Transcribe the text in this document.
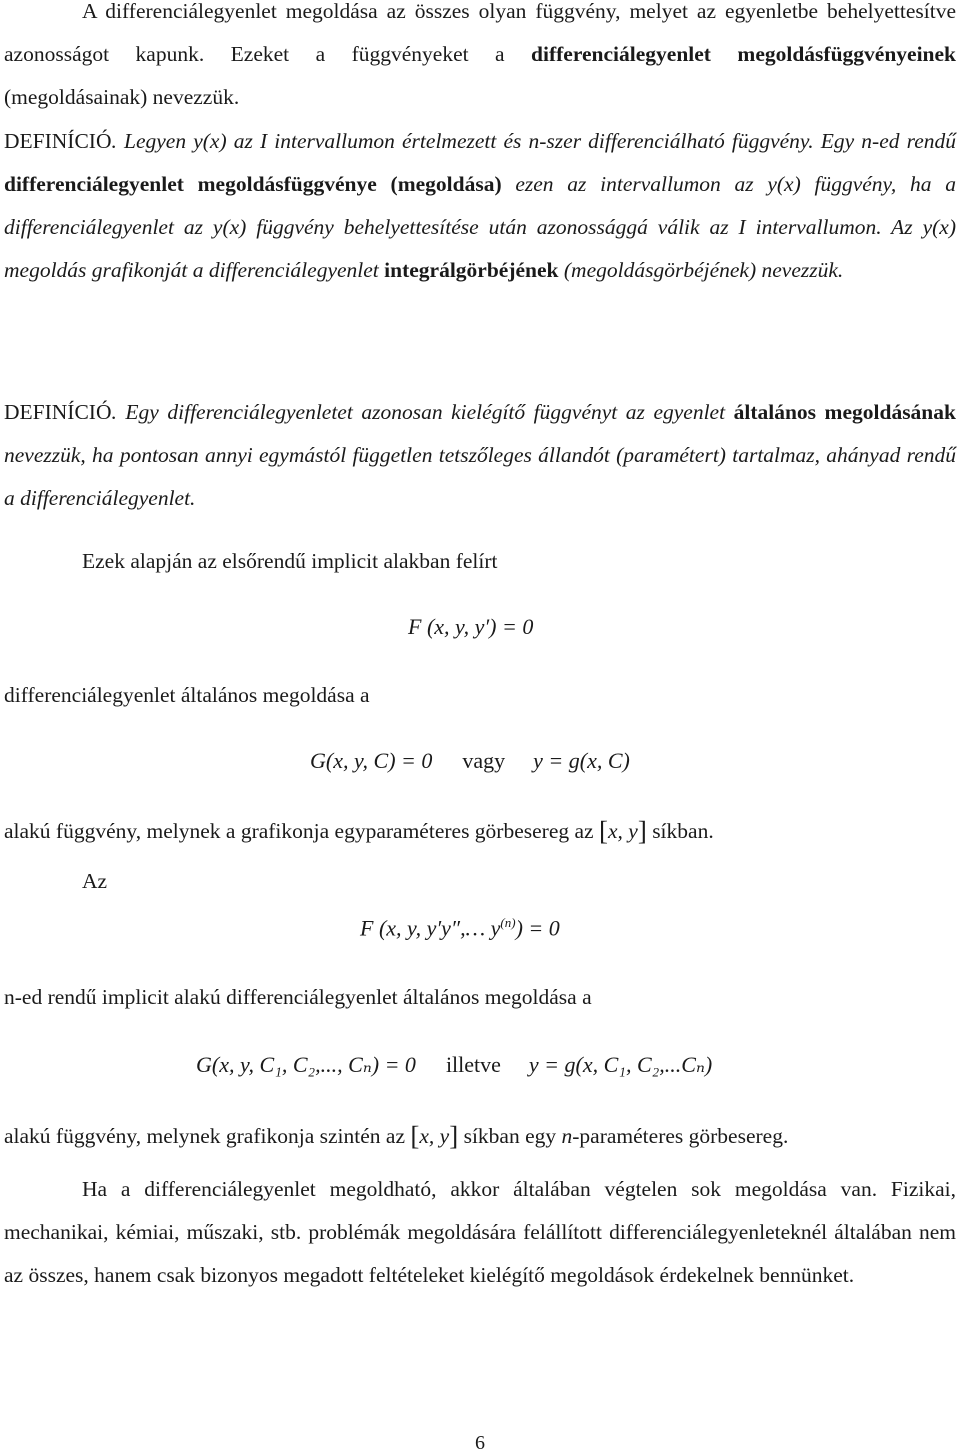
A differenciálegyenlet megoldása az összes olyan függvény, melyet az egyenletbe behelyettesítve azonosságot kapunk. Ezeket a függvényeket a differenciálegyenlet megoldásfüggvényeinek (megoldásainak) nevezzük.

DEFINÍCIÓ. Legyen y(x) az I intervallumon értelmezett és n-szer differenciálható függvény. Egy n-ed rendű differenciálegyenlet megoldásfüggvénye (megoldása) ezen az intervallumon az y(x) függvény, ha a differenciálegyenlet az y(x) függvény behelyettesítése után azonossággá válik az I intervallumon. Az y(x) megoldás grafikonját a differenciálegyenlet integrálgörbéjének (megoldásgörbéjének) nevezzük.

DEFINÍCIÓ. Egy differenciálegyenletet azonosan kielégítő függvényt az egyenlet általános megoldásának nevezzük, ha pontosan annyi egymástól független tetszőleges állandót (paramétert) tartalmaz, ahányad rendű a differenciálegyenlet.

Ezek alapján az elsőrendű implicit alakban felírt

F (x, y, y′) = 0

differenciálegyenlet általános megoldása a

G(x, y, C) = 0 vagy y = g(x, C)

alakú függvény, melynek a grafikonja egyparaméteres görbesereg az [x, y] síkban.

Az

F (x, y, y′y″,… $y^{(n)}) = 0$

n-ed rendű implicit alakú differenciálegyenlet általános megoldása a

G(x, y, C₁, C₂,..., Cₙ) = 0 illetve y = g(x, C₁, C₂,...Cₙ)

alakú függvény, melynek grafikonja szintén az [x, y] síkban egy n-paraméteres görbesereg.

Ha a differenciálegyenlet megoldható, akkor általában végtelen sok megoldása van. Fizikai, mechanikai, kémiai, műszaki, stb. problémák megoldására felállított differenciálegyenleteknél általában nem az összes, hanem csak bizonyos megadott feltételeket kielégítő megoldások érdekelnek bennünket.

6
